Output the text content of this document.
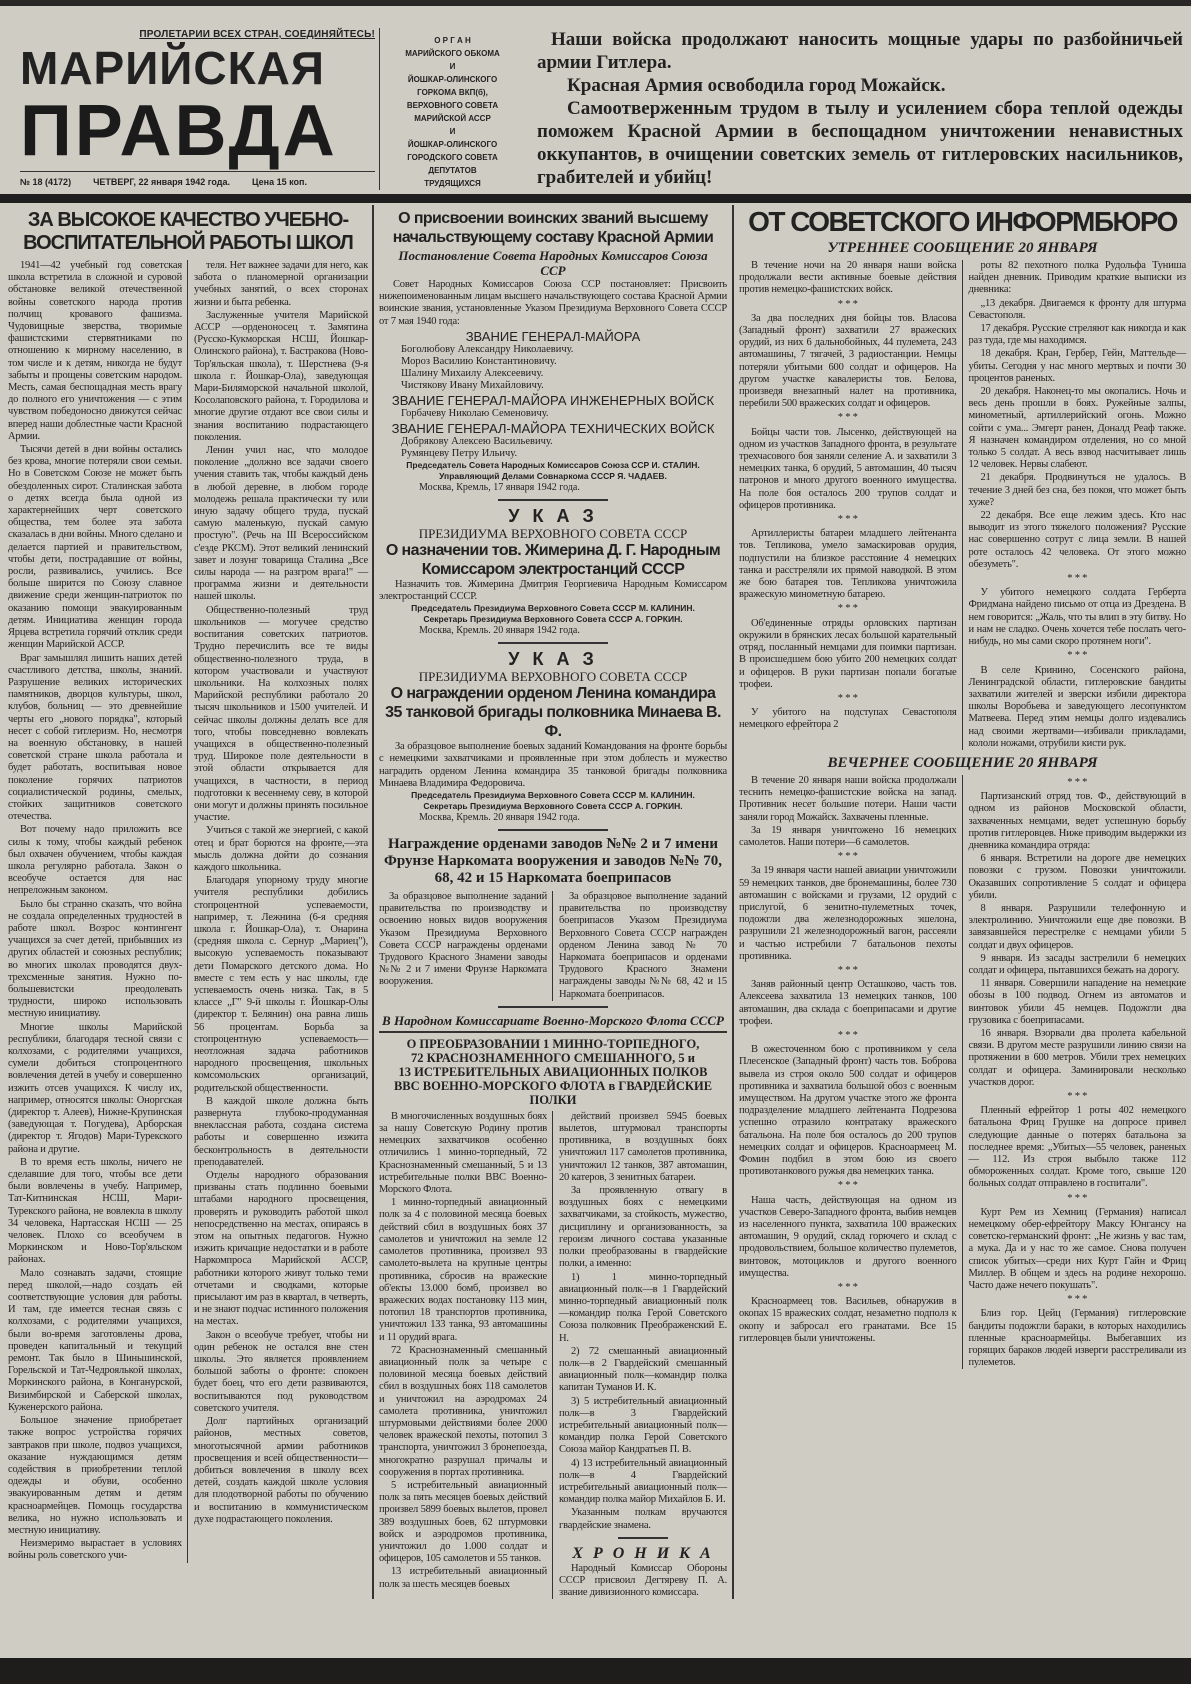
ПРОЛЕТАРИИ ВСЕХ СТРАН, СОЕДИНЯЙТЕСЬ!
МАРИЙСКАЯ
ПРАВДА
№ 18 (4172) ЧЕТВЕРГ, 22 января 1942 года. Цена 15 коп.
О Р Г А Н
МАРИЙСКОГО ОБКОМА
И
ЙОШКАР-ОЛИНСКОГО
ГОРКОМА ВКП(б),
ВЕРХОВНОГО СОВЕТА
МАРИЙСКОЙ АССР
И
ЙОШКАР-ОЛИНСКОГО
ГОРОДСКОГО СОВЕТА
ДЕПУТАТОВ
ТРУДЯЩИХСЯ

Наши войска продолжают наносить мощные удары по разбойничьей армии Гитлера.

Красная Армия освободила город Можайск.

Самоотверженным трудом в тылу и усилением сбора теплой одежды поможем Красной Армии в беспощадном уничтожении ненавистных оккупантов, в очищении советских земель от гитлеровских насильников, грабителей и убийц!

ЗА ВЫСОКОЕ КАЧЕСТВО УЧЕБНО-
ВОСПИТАТЕЛЬНОЙ РАБОТЫ ШКОЛ

1941—42 учебный год советская школа встретила в сложной и суровой обстановке великой отечественной войны советского народа против полчищ кровавого фашизма. Чудовищные зверства, творимые фашистскими стервятниками по отношению к мирному населению, в том числе и к детям, никогда не будут забыты и прощены советским народом. Месть, самая беспощадная месть врагу до полного его уничтожения — с этим чувством победоносно движутся сейчас вперед наши доблестные части Красной Армии.

Тысячи детей в дни войны остались без крова, многие потеряли свои семьи. Но в Советском Союзе не может быть обездоленных сирот. Сталинская забота о детях всегда была одной из характернейших черт советского общества, тем более эта забота сказалась в дни войны. Много сделано и делается партией и правительством, чтобы дети, пострадавшие от войны, росли, развивались, учились. Все больше ширится по Союзу славное движение среди женщин-патриоток по оказанию помощи эвакуированным детям. Инициатива женщин города Ярцева встретила горячий отклик среди женщин Марийской АССР.

Враг замышлял лишить наших детей счастливого детства, школы, знаний. Разрушение великих исторических памятников, дворцов культуры, школ, клубов, больниц — это древнейшие черты его „нового порядка", который несет с собой гитлеризм. Но, несмотря на военную обстановку, в нашей советской стране школа работала и будет работать, воспитывая новое поколение горячих патриотов социалистической родины, смелых, стойких защитников советского отечества.

Вот почему надо приложить все силы к тому, чтобы каждый ребенок был охвачен обучением, чтобы каждая школа регулярно работала. Закон о всеобуче остается для нас непреложным законом.

Было бы странно сказать, что война не создала определенных трудностей в работе школ. Возрос контингент учащихся за счет детей, прибывших из других областей и союзных республик; во многих школах проводятся двух-трехсменные занятия. Нужно по-большевистски преодолевать трудности, широко использовать местную инициативу.

Многие школы Марийской республики, благодаря тесной связи с колхозами, с родителями учащихся, сумели добиться стопроцентного вовлечения детей в учебу и совершенно изжить отсев учащихся. К числу их, например, относятся школы: Оноргская (директор т. Алеев), Нижне-Крупинская (заведующая т. Погудева), Арборская (директор т. Ягодов) Мари-Турекского района и другие.

В то время есть школы, ничего не сделавшие для того, чтобы все дети были вовлечены в учебу. Например, Тат-Китнинская НСШ, Мари-Турекского района, не вовлекла в школу 34 человека, Нартасская НСШ — 25 человек. Плохо со всеобучем в Моркинском и Ново-Тор'яльском районах.

Мало сознавать задачи, стоящие перед школой,—надо создать ей соответствующие условия для работы. И там, где имеется тесная связь с колхозами, с родителями учащихся, были во-время заготовлены дрова, проведен капитальный и текущий ремонт. Так было в Шиньшинской, Горельской и Тат-Чедроялькой школах, Моркинского района, в Конганурской, Визимбирской и Саберской школах, Куженерского района.

Большое значение приобретает также вопрос устройства горячих завтраков при школе, подвоз учащихся, оказание нуждающимся детям содействия в приобретении теплой одежды и обуви, особенно эвакуированным детям и детям красноармейцев. Помощь государства велика, но нужно использовать и местную инициативу.

Неизмеримо вырастает в условиях войны роль советского учи-

теля. Нет важнее задачи для него, как забота о планомерной организации учебных занятий, о всех сторонах жизни и быта ребенка.

Заслуженные учителя Марийской АССР —орденоносец т. Замятина (Русско-Кукморская НСШ, Йошкар-Олинского района), т. Бастракова (Ново-Тор'яльская школа), т. Шерстнева (9-я школа г. Йошкар-Ола), заведующая Мари-Биляморской начальной школой, Косолаповского района, т. Городилова и многие другие отдают все свои силы и знания воспитанию подрастающего поколения.

Ленин учил нас, что молодое поколение „должно все задачи своего учения ставить так, чтобы каждый день в любой деревне, в любом городе молодежь решала практически ту или иную задачу общего труда, пускай самую маленькую, пускай самую простую". (Речь на III Всероссийском с'езде РКСМ). Этот великий ленинский завет и лозунг товарища Сталина „Все силы народа — на разгром врага!" —программа жизни и деятельности нашей школы.

Общественно-полезный труд школьников — могучее средство воспитания советских патриотов. Трудно перечислить все те виды общественно-полезного труда, в котором участвовали и участвуют школьники. На колхозных полях Марийской республики работало 20 тысяч школьников и 1500 учителей. И сейчас школы должны делать все для того, чтобы повседневно вовлекать учащихся в общественно-полезный труд. Широкое поле деятельности в этой области открывается для учащихся, в частности, в период подготовки к весеннему севу, в которой они могут и должны принять посильное участие.

Учиться с такой же энергией, с какой отец и брат борются на фронте,—эта мысль должна дойти до сознания каждого школьника.

Благодаря упорному труду многие учителя республики добились стопроцентной успеваемости, например, т. Лежнина (6-я средняя школа г. Йошкар-Ола), т. Онарина (средняя школа с. Сернур „Мариец"), высокую успеваемость показывают дети Помарского детского дома. Но вместе с тем есть у нас школы, где успеваемость очень низка. Так, в 5 классе „Г" 9-й школы г. Йошкар-Олы (директор т. Белянин) она равна лишь 56 процентам. Борьба за стопроцентную успеваемость—неотложная задача работников народного просвещения, школьных комсомольских организаций, родительской общественности.

В каждой школе должна быть развернута глубоко-продуманная внеклассная работа, создана система работы и совершенно изжита бесконтрольность в деятельности преподавателей.

Отделы народного образования призваны стать подлинно боевыми штабами народного просвещения, проверять и руководить работой школ непосредственно на местах, опираясь в этом на опытных педагогов. Нужно изжить кричащие недостатки и в работе Наркомпроса Марийской АССР, работники которого живут только теми отчетами и сводками, которые присылают им раз в квартал, в четверть, и не знают подчас истинного положения на местах.

Закон о всеобуче требует, чтобы ни один ребенок не остался вне стен школы. Это является проявлением большой заботы о фронте: спокоен будет боец, что его дети развиваются, воспитываются под руководством советского учителя.

Долг партийных организаций районов, местных советов, многотысячной армии работников просвещения и всей общественности— добиться вовлечения в школу всех детей, создать каждой школе условия для плодотворной работы по обучению и воспитанию в коммунистическом духе подрастающего поколения.

О присвоении воинских званий высшему
начальствующему составу Красной Армии
Постановление Совета Народных Комиссаров Союза ССР
Совет Народных Комиссаров Союза ССР постановляет: Присвоить нижепоименованным лицам высшего начальствующего состава Красной Армии воинские звания, установленные Указом Президиума Верховного Совета СССР от 7 мая 1940 года:
ЗВАНИЕ ГЕНЕРАЛ-МАЙОРА
Боголюбову Александру Николаевичу.
Мороз Василию Константиновичу.
Шалину Михаилу Алексеевичу.
Чистякову Ивану Михайловичу.
ЗВАНИЕ ГЕНЕРАЛ-МАЙОРА ИНЖЕНЕРНЫХ ВОЙСК
Горбачеву Николаю Семеновичу.
ЗВАНИЕ ГЕНЕРАЛ-МАЙОРА ТЕХНИЧЕСКИХ ВОЙСК
Добрякову Алексею Васильевичу.
Румянцеву Петру Ильичу.
Председатель Совета Народных Комиссаров Союза ССР И. СТАЛИН.
Управляющий Делами Совнаркома СССР Я. ЧАДАЕВ.
Москва, Кремль, 17 января 1942 года.
У К А З
ПРЕЗИДИУМА ВЕРХОВНОГО СОВЕТА СССР
О назначении тов. Жимерина Д. Г. Народным
Комиссаром электростанций СССР
Назначить тов. Жимерина Дмитрия Георгиевича Народным Комиссаром электростанций СССР.
Председатель Президиума Верховного Совета СССР М. КАЛИНИН.
Секретарь Президиума Верховного Совета СССР А. ГОРКИН.
Москва, Кремль. 20 января 1942 года.
У К А З
ПРЕЗИДИУМА ВЕРХОВНОГО СОВЕТА СССР
О награждении орденом Ленина командира
35 танковой бригады полковника Минаева В. Ф.
За образцовое выполнение боевых заданий Командования на фронте борьбы с немецкими захватчиками и проявленные при этом доблесть и мужество наградить орденом Ленина командира 35 танковой бригады полковника Минаева Владимира Федоровича.
Председатель Президиума Верховного Совета СССР М. КАЛИНИН.
Секретарь Президиума Верховного Совета СССР А. ГОРКИН.
Москва, Кремль. 20 января 1942 года.
Награждение орденами заводов №№ 2 и 7 имени Фрунзе Наркомата вооружения и заводов №№ 70, 68, 42 и 15 Наркомата боеприпасов
За образцовое выполнение заданий правительства по производству и освоению новых видов вооружения Указом Президиума Верховного Совета СССР награждены орденами Трудового Красного Знамени заводы №№ 2 и 7 имени Фрунзе Наркомата вооружения.
За образцовое выполнение заданий правительства по производству боеприпасов Указом Президиума Верховного Совета СССР награжден орденом Ленина завод № 70 Наркомата боеприпасов и орденами Трудового Красного Знамени награждены заводы №№ 68, 42 и 15 Наркомата боеприпасов.
В Народном Комиссариате Военно-Морского Флота СССР
О ПРЕОБРАЗОВАНИИ 1 МИННО-ТОРПЕДНОГО,
72 КРАСНОЗНАМЕННОГО СМЕШАННОГО, 5 и
13 ИСТРЕБИТЕЛЬНЫХ АВИАЦИОННЫХ ПОЛКОВ
ВВС ВОЕННО-МОРСКОГО ФЛОТА в ГВАРДЕЙСКИЕ ПОЛКИ

В многочисленных воздушных боях за нашу Советскую Родину против немецких захватчиков особенно отличились 1 минно-торпедный, 72 Краснознаменный смешанный, 5 и 13 истребительные полки ВВС Военно-Морского Флота.

1 минно-торпедный авиационный полк за 4 с половиной месяца боевых действий сбил в воздушных боях 37 самолетов и уничтожил на земле 12 самолетов противника, произвел 93 самолето-вылета на крупные центры противника, сбросив на вражеские об'екты 13.000 бомб, произвел во вражеских водах постановку 113 мин, потопил 18 транспортов противника, уничтожил 133 танка, 93 автомашины и 11 орудий врага.

72 Краснознаменный смешанный авиационный полк за четыре с половиной месяца боевых действий сбил в воздушных боях 118 самолетов и уничтожил на аэродромах 24 самолета противника, уничтожил штурмовыми действиями более 2000 человек вражеской пехоты, потопил 3 транспорта, уничтожил 3 бронепоезда, многократно разрушал причалы и сооружения в портах противника.

5 истребительный авиационный полк за пять месяцев боевых действий произвел 5899 боевых вылетов, провел 389 воздушных боев, 62 штурмовки войск и аэродромов противника, уничтожил до 1.000 солдат и офицеров, 105 самолетов и 55 танков.

13 истребительный авиационный полк за шесть месяцев боевых

действий произвел 5945 боевых вылетов, штурмовал транспорты противника, в воздушных боях уничтожил 117 самолетов противника, уничтожил 12 танков, 387 автомашин, 20 катеров, 3 зенитных батареи.

За проявленную отвагу в воздушных боях с немецкими захватчиками, за стойкость, мужество, дисциплину и организованность, за героизм личного состава указанные полки преобразованы в гвардейские полки, а именно:

1) 1 минно-торпедный авиационный полк—в 1 Гвардейский минно-торпедный авиационный полк—командир полка Герой Советского Союза полковник Преображенский Е. Н.

2) 72 смешанный авиационный полк—в 2 Гвардейский смешанный авиационный полк—командир полка капитан Туманов И. К.

3) 5 истребительный авиационный полк—в 3 Гвардейский истребительный авиационный полк—командир полка Герой Советского Союза майор Кандратьев П. В.

4) 13 истребительный авиационный полк—в 4 Гвардейский истребительный авиационный полк—командир полка майор Михайлов Б. И.

Указанным полкам вручаются гвардейские знамена.

Х Р О Н И К А
Народный Комиссар Обороны СССР присвоил Дегтяреву П. А. звание дивизионного комиссара.
ОТ СОВЕТСКОГО ИНФОРМБЮРО
УТРЕННЕЕ СООБЩЕНИЕ 20 ЯНВАРЯ

В течение ночи на 20 января наши войска продолжали вести активные боевые действия против немецко-фашистских войск.

* * *

За два последних дня бойцы тов. Власова (Западный фронт) захватили 27 вражеских орудий, из них 6 дальнобойных, 44 пулемета, 243 автомашины, 7 тягачей, 3 радиостанции. Немцы потеряли убитыми 600 солдат и офицеров. На другом участке кавалеристы тов. Белова, произведя внезапный налет на противника, перебили 500 вражеских солдат и офицеров.

* * *

Бойцы части тов. Лысенко, действующей на одном из участков Западного фронта, в результате трехчасового боя заняли селение А. и захватили 3 немецких танка, 6 орудий, 5 автомашин, 40 тысяч патронов и много другого военного имущества. На поле боя осталось 200 трупов солдат и офицеров противника.

* * *

Артиллеристы батареи младшего лейтенанта тов. Тепликова, умело замаскировав орудия, подпустили на близкое расстояние 4 немецких танка и расстреляли их прямой наводкой. В этом же бою батарея тов. Тепликова уничтожила вражескую минометную батарею.

* * *

Об'единенные отряды орловских партизан окружили в брянских лесах большой карательный отряд, посланный немцами для поимки партизан. В происшедшем бою убито 200 немецких солдат и офицеров. В руки партизан попали богатые трофеи.

* * *

У убитого на подступах Севастополя немецкого ефрейтора 2

роты 82 пехотного полка Рудольфа Туниша найден дневник. Приводим краткие выписки из дневника:

„13 декабря. Двигаемся к фронту для штурма Севастополя.

17 декабря. Русские стреляют как никогда и как раз туда, где мы находимся.

18 декабря. Кран, Гербер, Гейн, Маттельде—убиты. Сегодня у нас много мертвых и почти 30 процентов раненых.

20 декабря. Наконец-то мы окопались. Ночь и весь день прошли в боях. Ружейные залпы, минометный, артиллерийский огонь. Можно сойти с ума... Эмгерт ранен, Доналд Реаф также. Я назначен командиром отделения, но со мной только 5 солдат. А весь взвод насчитывает лишь 12 человек. Нервы слабеют.

21 декабря. Продвинуться не удалось. В течение 3 дней без сна, без покоя, что может быть хуже?

22 декабря. Все еще лежим здесь. Кто нас выводит из этого тяжелого положения? Русские нас совершенно сотрут с лица земли. В нашей роте осталось 42 человека. От этого можно обезуметь".

* * *

У убитого немецкого солдата Герберта Фридмана найдено письмо от отца из Дрездена. В нем говорится: „Жаль, что ты влип в эту битву. Но и нам не сладко. Очень хочется тебе послать чего-нибудь, но мы сами скоро протянем ноги".

* * *

В селе Кринино, Сосенского района, Ленинградской области, гитлеровские бандиты захватили жителей и зверски избили директора школы Воробьева и заведующего лесопунктом Матвеева. Перед этим немцы долго издевались над своими жертвами—избивали прикладами, кололи ножами, отрубили кисти рук.

ВЕЧЕРНЕЕ СООБЩЕНИЕ 20 ЯНВАРЯ

В течение 20 января наши войска продолжали теснить немецко-фашистские войска на запад. Противник несет большие потери. Наши части заняли город Можайск. Захвачены пленные.

За 19 января уничтожено 16 немецких самолетов. Наши потери—6 самолетов.

* * *

За 19 января части нашей авиации уничтожили 59 немецких танков, две бронемашины, более 730 автомашин с войсками и грузами, 12 орудий с прислугой, 6 зенитно-пулеметных точек, подожгли два железнодорожных эшелона, разрушили 21 железнодорожный вагон, рассеяли и частью истребили 7 батальонов пехоты противника.

* * *

Заняв районный центр Осташково, часть тов. Алексеева захватила 13 немецких танков, 100 автомашин, два склада с боеприпасами и другие трофеи.

* * *

В ожесточенном бою с противником у села Плесенское (Западный фронт) часть тов. Боброва вывела из строя около 500 солдат и офицеров противника и захватила большой обоз с военным имуществом. На другом участке этого же фронта подразделение младшего лейтенанта Подрезова успешно отразило контратаку вражеского батальона. На поле боя осталось до 200 трупов немецких солдат и офицеров. Красноармеец М. Фомин подбил в этом бою из своего противотанкового ружья два немецких танка.

* * *

Наша часть, действующая на одном из участков Северо-Западного фронта, выбив немцев из населенного пункта, захватила 100 вражеских автомашин, 9 орудий, склад горючего и склад с продовольствием, большое количество пулеметов, винтовок, мотоциклов и другого военного имущества.

* * *

Красноармеец тов. Васильев, обнаружив в окопах 15 вражеских солдат, незаметно подполз к окопу и забросал его гранатами. Все 15 гитлеровцев были уничтожены.

* * *

Партизанский отряд тов. Ф., действующий в одном из районов Московской области, захваченных немцами, ведет успешную борьбу против гитлеровцев. Ниже приводим выдержки из дневника командира отряда:

6 января. Встретили на дороге две немецких повозки с грузом. Повозки уничтожили. Оказавших сопротивление 5 солдат и офицера убили.

8 января. Разрушили телефонную и электролинию. Уничтожили еще две повозки. В завязавшейся перестрелке с немцами убили 5 солдат и двух офицеров.

9 января. Из засады застрелили 6 немецких солдат и офицера, пытавшихся бежать на дорогу.

11 января. Совершили нападение на немецкие обозы в 100 подвод. Огнем из автоматов и винтовок убили 45 немцев. Подожгли два грузовика с боеприпасами.

16 января. Взорвали два пролета кабельной связи. В другом месте разрушили линию связи на протяжении в 600 метров. Убили трех немецких солдат и офицера. Заминировали несколько участков дорог.

* * *

Пленный ефрейтор 1 роты 402 немецкого батальона Фриц Грушке на допросе привел следующие данные о потерях батальона за последнее время: „Убитых—55 человек, раненых — 112. Из строя выбыло также 112 обмороженных солдат. Кроме того, свыше 120 больных солдат отправлено в госпитали".

* * *

Курт Рем из Хемниц (Германия) написал немецкому обер-ефрейтору Максу Юнгансу на советско-германский фронт: „Не жизнь у вас там, а мука. Да и у нас то же самое. Снова получен список убитых—среди них Курт Гайн и Фриц Миллер. В общем и здесь на родине нехорошо. Часто даже нечего покушать".

* * *

Близ гор. Цейц (Германия) гитлеровские бандиты подожгли бараки, в которых находились пленные красноармейцы. Выбегавших из горящих бараков людей изверги расстреливали из пулеметов.
